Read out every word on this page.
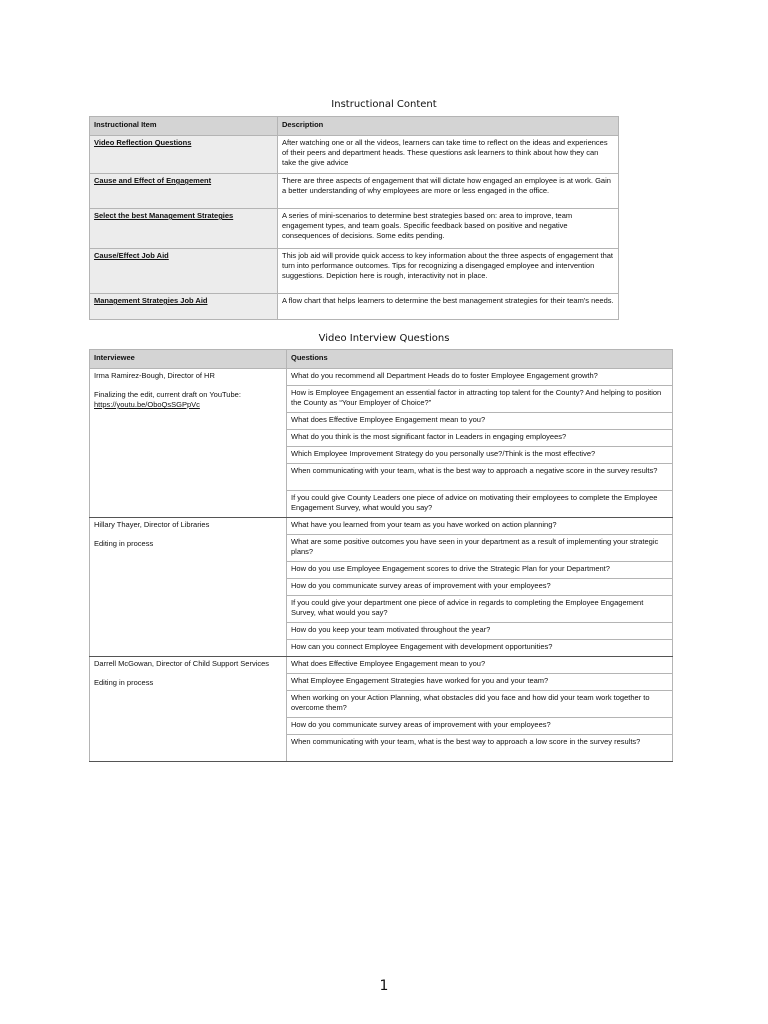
Instructional Content
Instructional Item	Description
Video Reflection Questions	After watching one or all the videos, learners can take time to reflect on the ideas and experiences of their peers and department heads. These questions ask learners to think about how they can take the give advice
Cause and Effect of Engagement	There are three aspects of engagement that will dictate how engaged an employee is at work. Gain a better understanding of why employees are more or less engaged in the office.
Select the best Management Strategies	A series of mini-scenarios to determine best strategies based on: area to improve, team engagement types, and team goals. Specific feedback based on positive and negative consequences of decisions. Some edits pending.
Cause/Effect Job Aid	This job aid will provide quick access to key information about the three aspects of engagement that turn into performance outcomes. Tips for recognizing a disengaged employee and intervention suggestions. Depiction here is rough, interactivity not in place.
Management Strategies Job Aid	A flow chart that helps learners to determine the best management strategies for their team's needs.
Video Interview Questions
Interviewee	Questions

Irma Ramirez-Bough, Director of HR
Finalizing the edit, current draft on YouTube:
https://youtu.be/OboQsSGPpVc	What do you recommend all Department Heads do to foster Employee Engagement growth?
	How is Employee Engagement an essential factor in attracting top talent for the County? And helping to position the County as “Your Employer of Choice?”
	What does Effective Employee Engagement mean to you?
	What do you think is the most significant factor in Leaders in engaging employees?
	Which Employee Improvement Strategy do you personally use?/Think is the most effective?
	When communicating with your team, what is the best way to approach a negative score in the survey results?
	If you could give County Leaders one piece of advice on motivating their employees to complete the Employee Engagement Survey, what would you say?

Hillary Thayer, Director of Libraries
Editing in process	What have you learned from your team as you have worked on action planning?
	What are some positive outcomes you have seen in your department as a result of implementing your strategic plans?
	How do you use Employee Engagement scores to drive the Strategic Plan for your Department?
	How do you communicate survey areas of improvement with your employees?
	If you could give your department one piece of advice in regards to completing the Employee Engagement Survey, what would you say?
	How do you keep your team motivated throughout the year?
	How can you connect Employee Engagement with development opportunities?

Darrell McGowan, Director of Child Support Services
Editing in process	What does Effective Employee Engagement mean to you?
	What Employee Engagement Strategies have worked for you and your team?
	When working on your Action Planning, what obstacles did you face and how did your team work together to overcome them?
	How do you communicate survey areas of improvement with your employees?
	When communicating with your team, what is the best way to approach a low score in the survey results?
1
